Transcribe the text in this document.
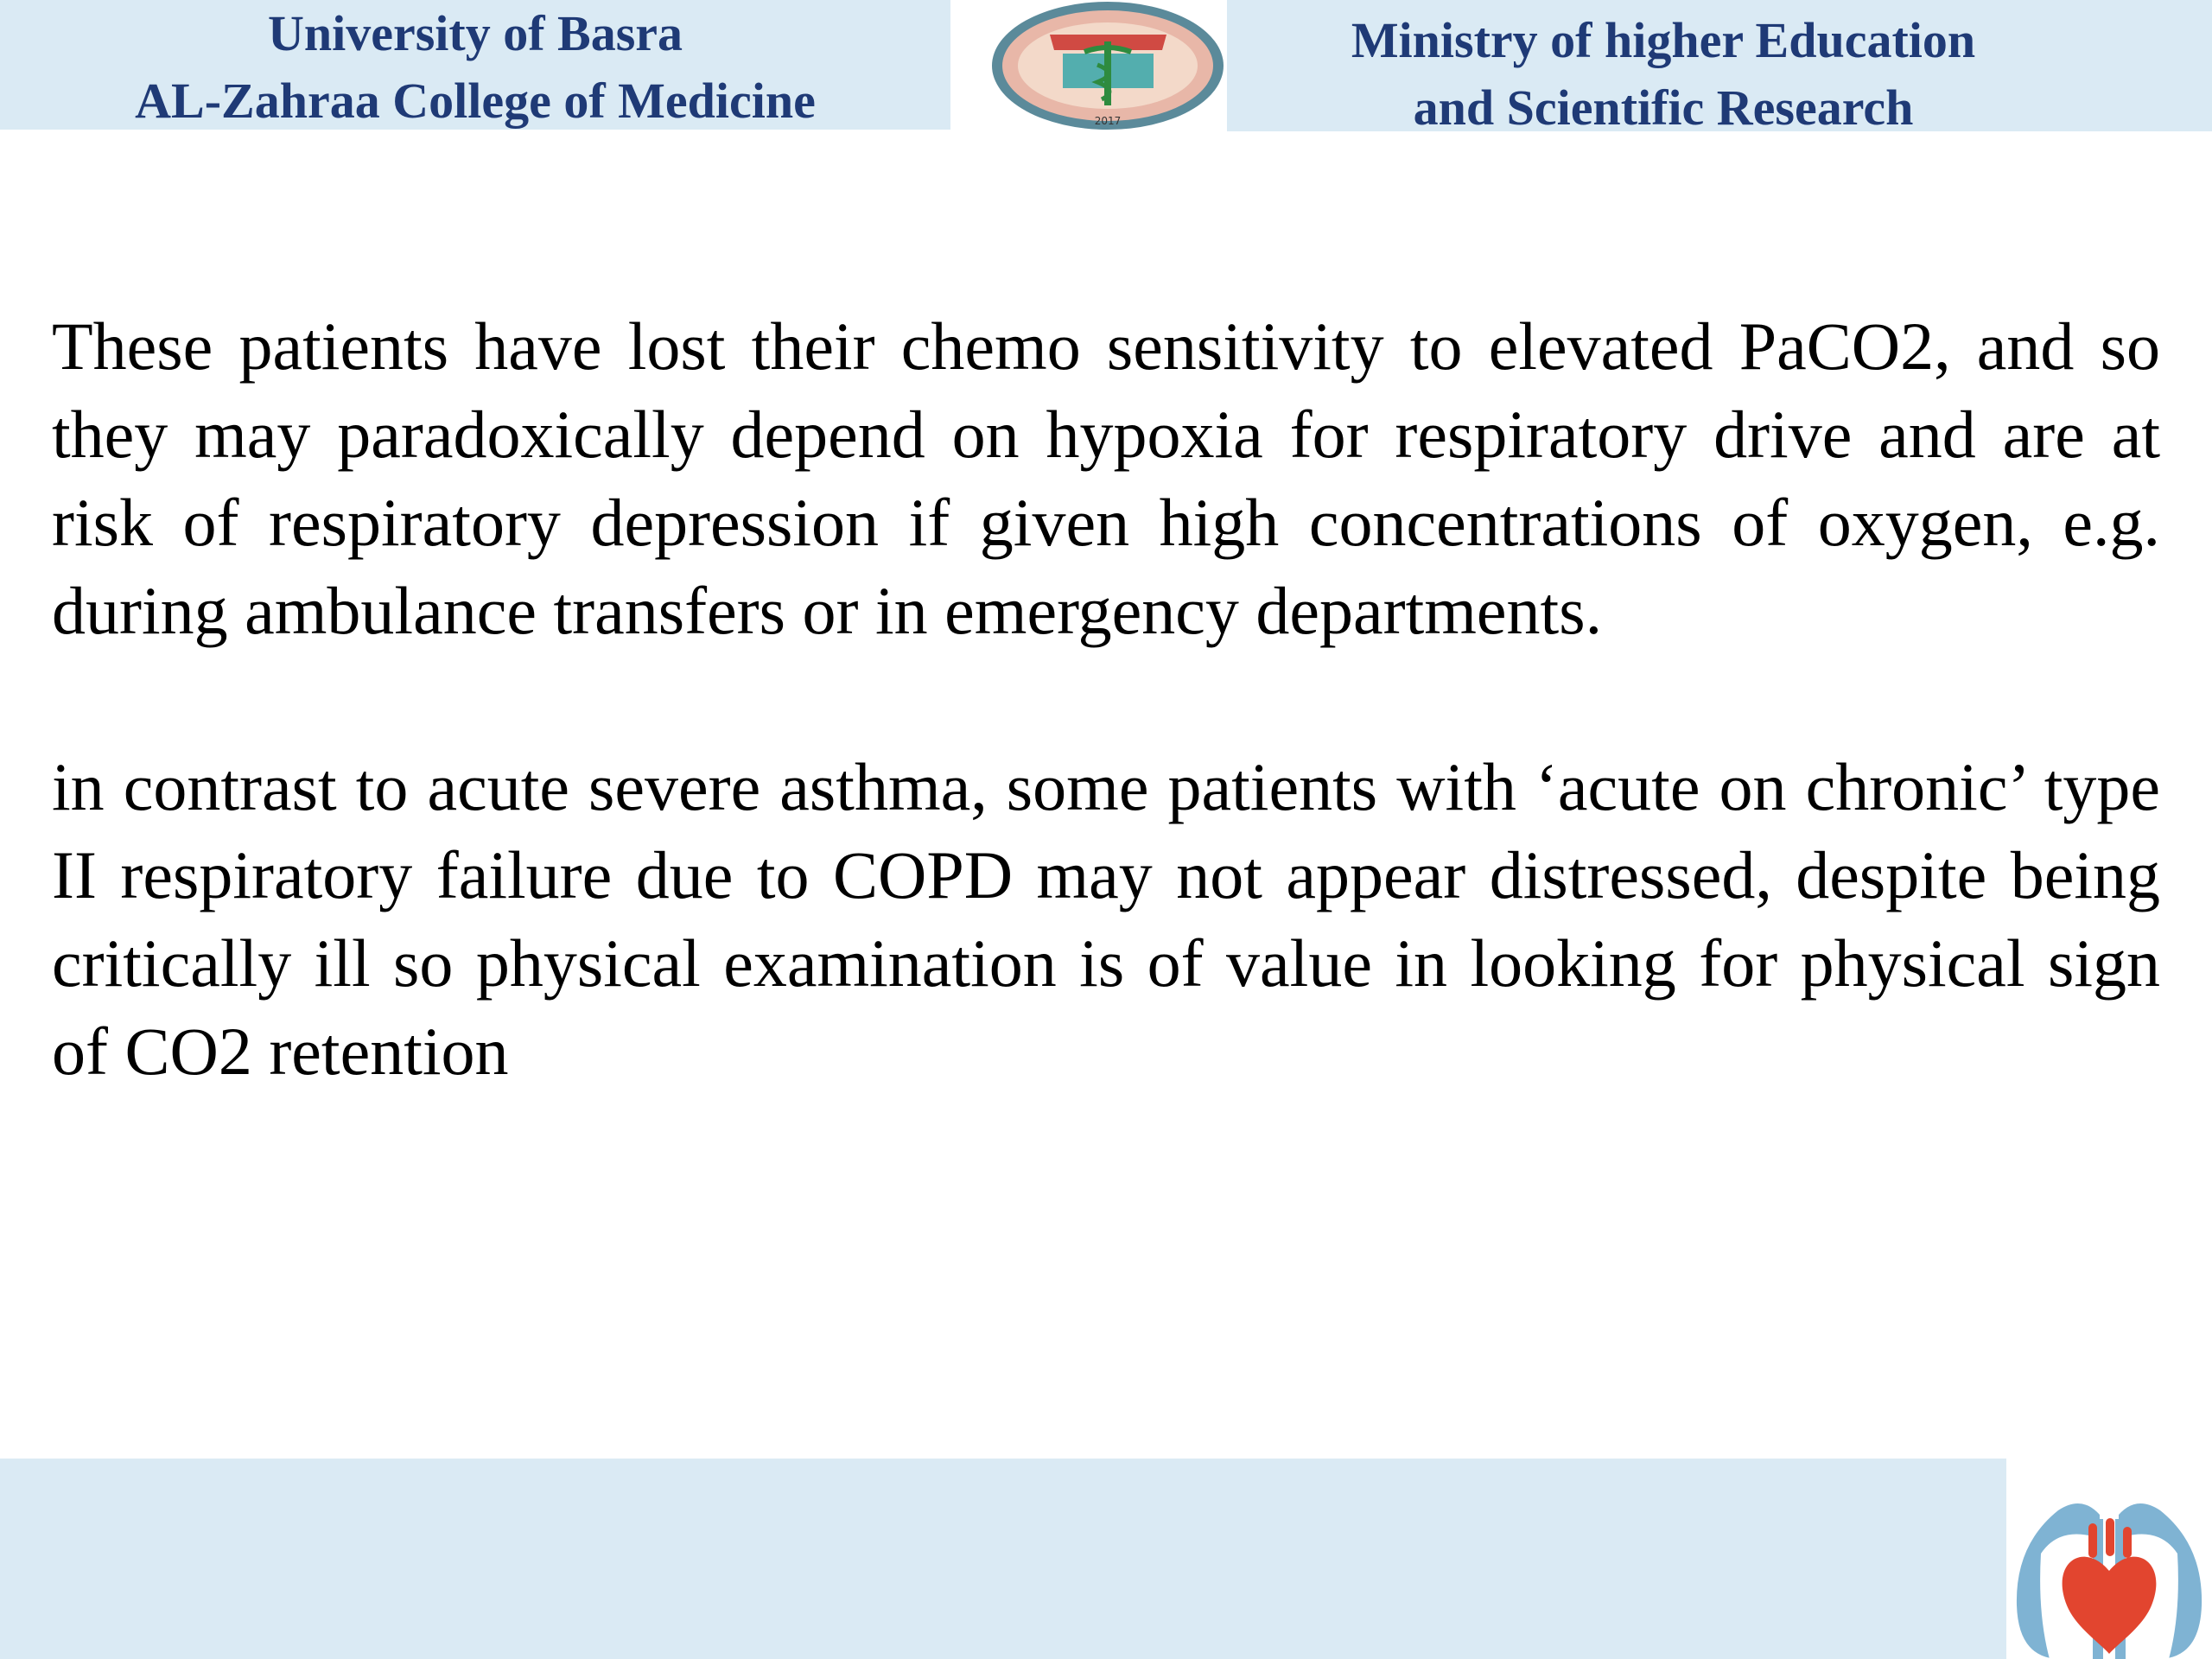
University of Basra
AL-Zahraa College of Medicine	2017
Ministry of higher Education
and Scientific Research

These patients have lost their chemo sensitivity to elevated PaCO2, and so they may paradoxically depend on hypoxia for respiratory drive and are at risk of respiratory depression if given high concentrations of oxygen, e.g. during ambulance transfers or in emergency departments.

in contrast to acute severe asthma, some patients with ‘acute on chronic’ type II respiratory failure due to COPD may not appear distressed, despite being critically ill so physical examination is of value in looking for physical sign of CO2 retention
